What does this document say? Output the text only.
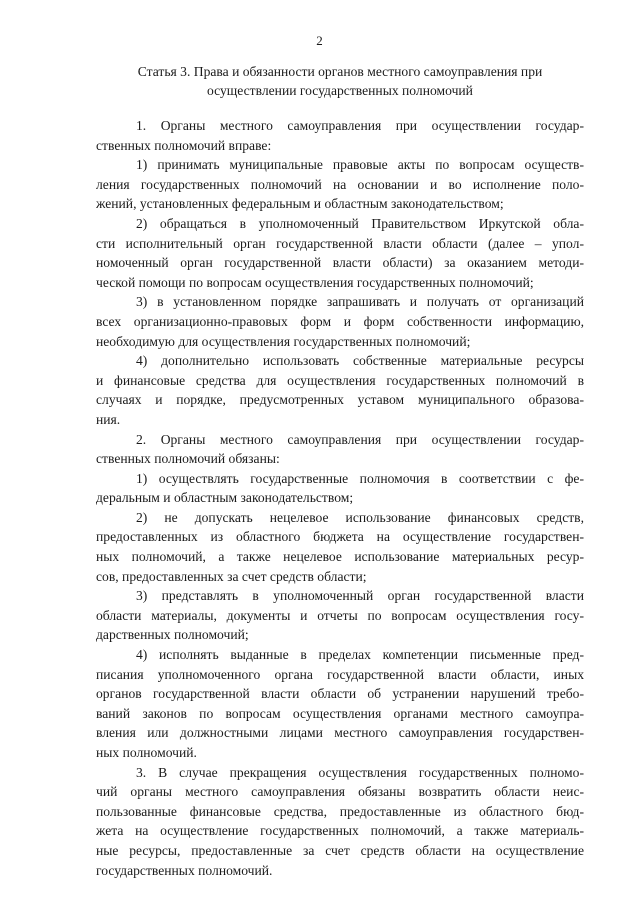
2
Статья 3. Права и обязанности органов местного самоуправления при
осуществлении государственных полномочий
1. Органы местного самоуправления при осуществлении государ-
ственных полномочий вправе:
1) принимать муниципальные правовые акты по вопросам осуществ-
ления государственных полномочий на основании и во исполнение поло-
жений, установленных федеральным и областным законодательством;
2) обращаться в уполномоченный Правительством Иркутской обла-
сти исполнительный орган государственной власти области (далее – упол-
номоченный орган государственной власти области) за оказанием методи-
ческой помощи по вопросам осуществления государственных полномочий;
3) в установленном порядке запрашивать и получать от организаций
всех организационно-правовых форм и форм собственности информацию,
необходимую для осуществления государственных полномочий;
4) дополнительно использовать собственные материальные ресурсы
и финансовые средства для осуществления государственных полномочий в
случаях и порядке, предусмотренных уставом муниципального образова-
ния.
2. Органы местного самоуправления при осуществлении государ-
ственных полномочий обязаны:
1) осуществлять государственные полномочия в соответствии с фе-
деральным и областным законодательством;
2) не допускать нецелевое использование финансовых средств,
предоставленных из областного бюджета на осуществление государствен-
ных полномочий, а также нецелевое использование материальных ресур-
сов, предоставленных за счет средств области;
3) представлять в уполномоченный орган государственной власти
области материалы, документы и отчеты по вопросам осуществления госу-
дарственных полномочий;
4) исполнять выданные в пределах компетенции письменные пред-
писания уполномоченного органа государственной власти области, иных
органов государственной власти области об устранении нарушений требо-
ваний законов по вопросам осуществления органами местного самоупра-
вления или должностными лицами местного самоуправления государствен-
ных полномочий.
3. В случае прекращения осуществления государственных полномо-
чий органы местного самоуправления обязаны возвратить области неис-
пользованные финансовые средства, предоставленные из областного бюд-
жета на осуществление государственных полномочий, а также материаль-
ные ресурсы, предоставленные за счет средств области на осуществление
государственных полномочий.
